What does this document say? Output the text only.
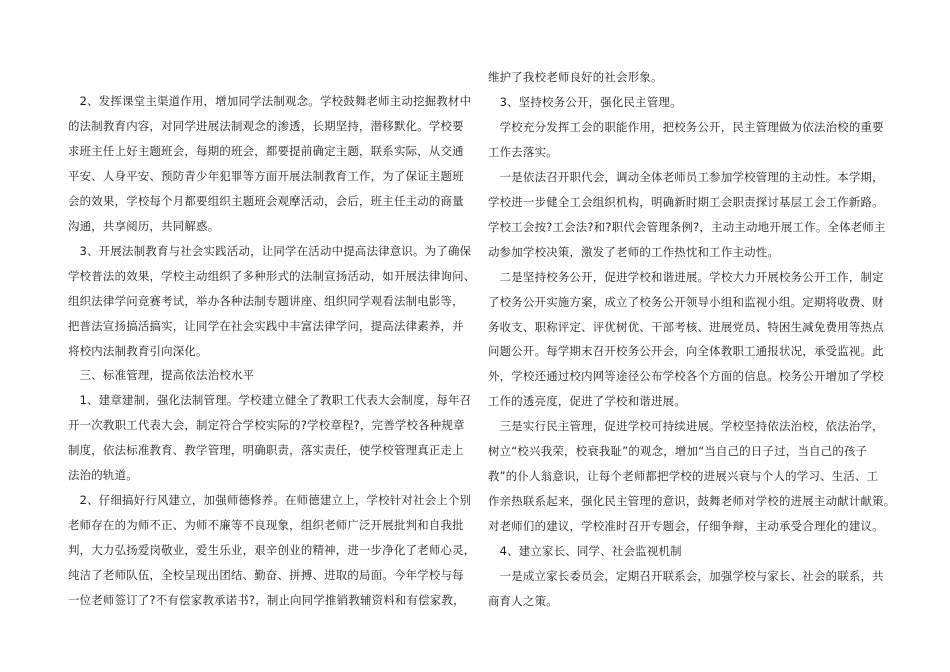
　2、发挥课堂主渠道作用，增加同学法制观念。学校鼓舞老师主动挖掘教材中
的法制教育内容，对同学进展法制观念的渗透，长期坚持，潜移默化。学校要
求班主任上好主题班会，每期的班会，都要提前确定主题，联系实际，从交通
平安、人身平安、预防青少年犯罪等方面开展法制教育工作，为了保证主题班
会的效果，学校每个月都要组织主题班会观摩活动，会后，班主任主动的商量
沟通，共享阅历，共同解惑。
　3、开展法制教育与社会实践活动，让同学在活动中提高法律意识。为了确保
学校普法的效果，学校主动组织了多种形式的法制宣扬活动，如开展法律询问、
组织法律学问竞赛考试，举办各种法制专题讲座、组织同学观看法制电影等，
把普法宣扬搞活搞实，让同学在社会实践中丰富法律学问，提高法律素养，并
将校内法制教育引向深化。
　三、标准管理，提高依法治校水平
　1、建章建制，强化法制管理。学校建立健全了教职工代表大会制度，每年召
开一次教职工代表大会，制定符合学校实际的?学校章程?，完善学校各种规章
制度，依法标准教育、教学管理，明确职责，落实责任，使学校管理真正走上
法治的轨道。
　2、仔细搞好行风建立，加强师德修养。在师德建立上，学校针对社会上个别
老师存在的为师不正、为师不廉等不良现象，组织老师广泛开展批判和自我批
判，大力弘扬爱岗敬业，爱生乐业，艰辛创业的精神，进一步净化了老师心灵，
纯洁了老师队伍，全校呈现出团结、勤奋、拼搏、进取的局面。今年学校与每
一位老师签订了?不有偿家教承诺书?，制止向同学推销教辅资料和有偿家教，
维护了我校老师良好的社会形象。
　3、坚持校务公开，强化民主管理。
　学校充分发挥工会的职能作用，把校务公开，民主管理做为依法治校的重要
工作去落实。
　一是依法召开职代会，调动全体老师员工参加学校管理的主动性。本学期，
学校进一步健全工会组织机构，明确新时期工会职责探讨基层工会工作新路。
学校工会按?工会法?和?职代会管理条例?，主动主动地开展工作。全体老师主
动参加学校决策，激发了老师的工作热忱和工作主动性。
　二是坚持校务公开，促进学校和谐进展。学校大力开展校务公开工作，制定
了校务公开实施方案，成立了校务公开领导小组和监视小组。定期将收费、财
务收支、职称评定、评优树优、干部考核、进展党员、特困生减免费用等热点
问题公开。每学期末召开校务公开会，向全体教职工通报状况，承受监视。此
外，学校还通过校内网等途径公布学校各个方面的信息。校务公开增加了学校
工作的透亮度，促进了学校和谐进展。
　三是实行民主管理，促进学校可持续进展。学校坚持依法治校，依法治学，
树立“校兴我荣，校衰我耻”的观念，增加“当自己的日子过，当自己的孩子
教”的仆人翁意识，让每个老师都把学校的进展兴衰与个人的学习、生活、工
作亲热联系起来，强化民主管理的意识，鼓舞老师对学校的进展主动献计献策。
对老师们的建议，学校准时召开专题会，仔细争辩，主动承受合理化的建议。
　4、建立家长、同学、社会监视机制
　一是成立家长委员会，定期召开联系会，加强学校与家长、社会的联系，共
商育人之策。
